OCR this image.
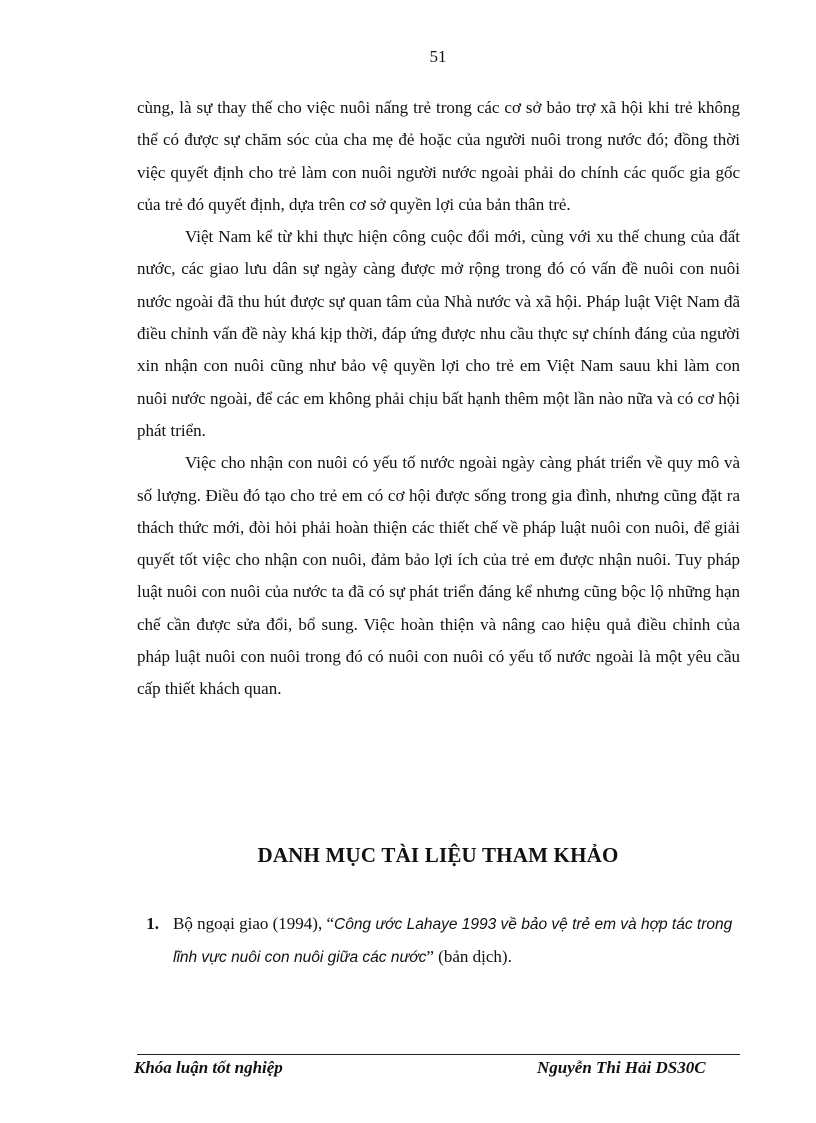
51

cùng, là sự thay thế cho việc nuôi nấng trẻ trong các cơ sở bảo trợ xã hội khi trẻ không thể có được sự chăm sóc của cha mẹ đẻ hoặc của người nuôi trong nước đó; đồng thời việc quyết định cho trẻ làm con nuôi người nước ngoài phải do chính các quốc gia gốc của trẻ đó quyết định, dựa trên cơ sở quyền lợi của bản thân trẻ.

Việt Nam kể từ khi thực hiện công cuộc đổi mới, cùng với xu thế chung của đất nước, các giao lưu dân sự ngày càng được mở rộng trong đó có vấn đề nuôi con nuôi nước ngoài đã thu hút được sự quan tâm của Nhà nước và xã hội. Pháp luật Việt Nam đã điều chỉnh vấn đề này khá kịp thời, đáp ứng được nhu cầu thực sự chính đáng của người xin nhận con nuôi cũng như bảo vệ quyền lợi cho trẻ em Việt Nam sauu khi làm con nuôi nước ngoài, để các em không phải chịu bất hạnh thêm một lần nào nữa và có cơ hội phát triển.

Việc cho nhận con nuôi có yếu tố nước ngoài ngày càng phát triển về quy mô và số lượng. Điều đó tạo cho trẻ em có cơ hội được sống trong gia đình, nhưng cũng đặt ra thách thức mới, đòi hỏi phải hoàn thiện các thiết chế về pháp luật nuôi con nuôi, để giải quyết tốt việc cho nhận con nuôi, đảm bảo lợi ích của trẻ em được nhận nuôi. Tuy pháp luật nuôi con nuôi của nước ta đã có sự phát triển đáng kể nhưng cũng bộc lộ những hạn chế cần được sửa đổi, bổ sung. Việc hoàn thiện và nâng cao hiệu quả điều chỉnh của pháp luật nuôi con nuôi trong đó có nuôi con nuôi có yếu tố nước ngoài là một yêu cầu cấp thiết khách quan.

DANH MỤC TÀI LIỆU THAM KHẢO
1. Bộ ngoại giao (1994), “Công ước Lahaye 1993 về bảo vệ trẻ em và hợp tác trong lĩnh vực nuôi con nuôi giữa các nước” (bản dịch).
Khóa luận tốt nghiệp	Nguyễn Thi Hải DS30C
